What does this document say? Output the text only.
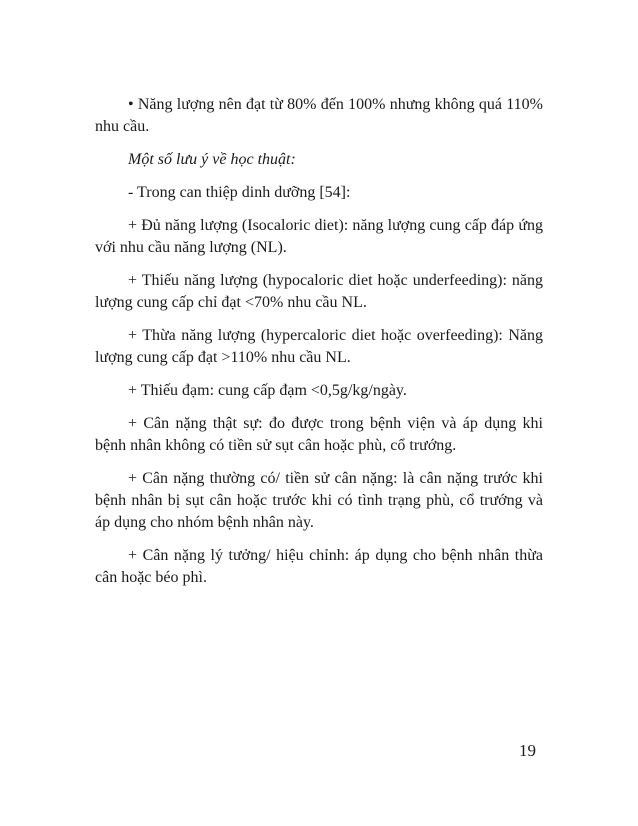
• Năng lượng nên đạt từ 80% đến 100% nhưng không quá 110% nhu cầu.

Một số lưu ý về học thuật:

- Trong can thiệp dinh dưỡng [54]:

+ Đủ năng lượng (Isocaloric diet): năng lượng cung cấp đáp ứng với nhu cầu năng lượng (NL).

+ Thiếu năng lượng (hypocaloric diet hoặc underfeeding): năng lượng cung cấp chỉ đạt <70% nhu cầu NL.

+ Thừa năng lượng (hypercaloric diet hoặc overfeeding): Năng lượng cung cấp đạt >110% nhu cầu NL.

+ Thiếu đạm: cung cấp đạm <0,5g/kg/ngày.

+ Cân nặng thật sự: đo được trong bệnh viện và áp dụng khi bệnh nhân không có tiền sử sụt cân hoặc phù, cổ trướng.

+ Cân nặng thường có/ tiền sử cân nặng: là cân nặng trước khi bệnh nhân bị sụt cân hoặc trước khi có tình trạng phù, cổ trướng và áp dụng cho nhóm bệnh nhân này.

+ Cân nặng lý tưởng/ hiệu chỉnh: áp dụng cho bệnh nhân thừa cân hoặc béo phì.

19
